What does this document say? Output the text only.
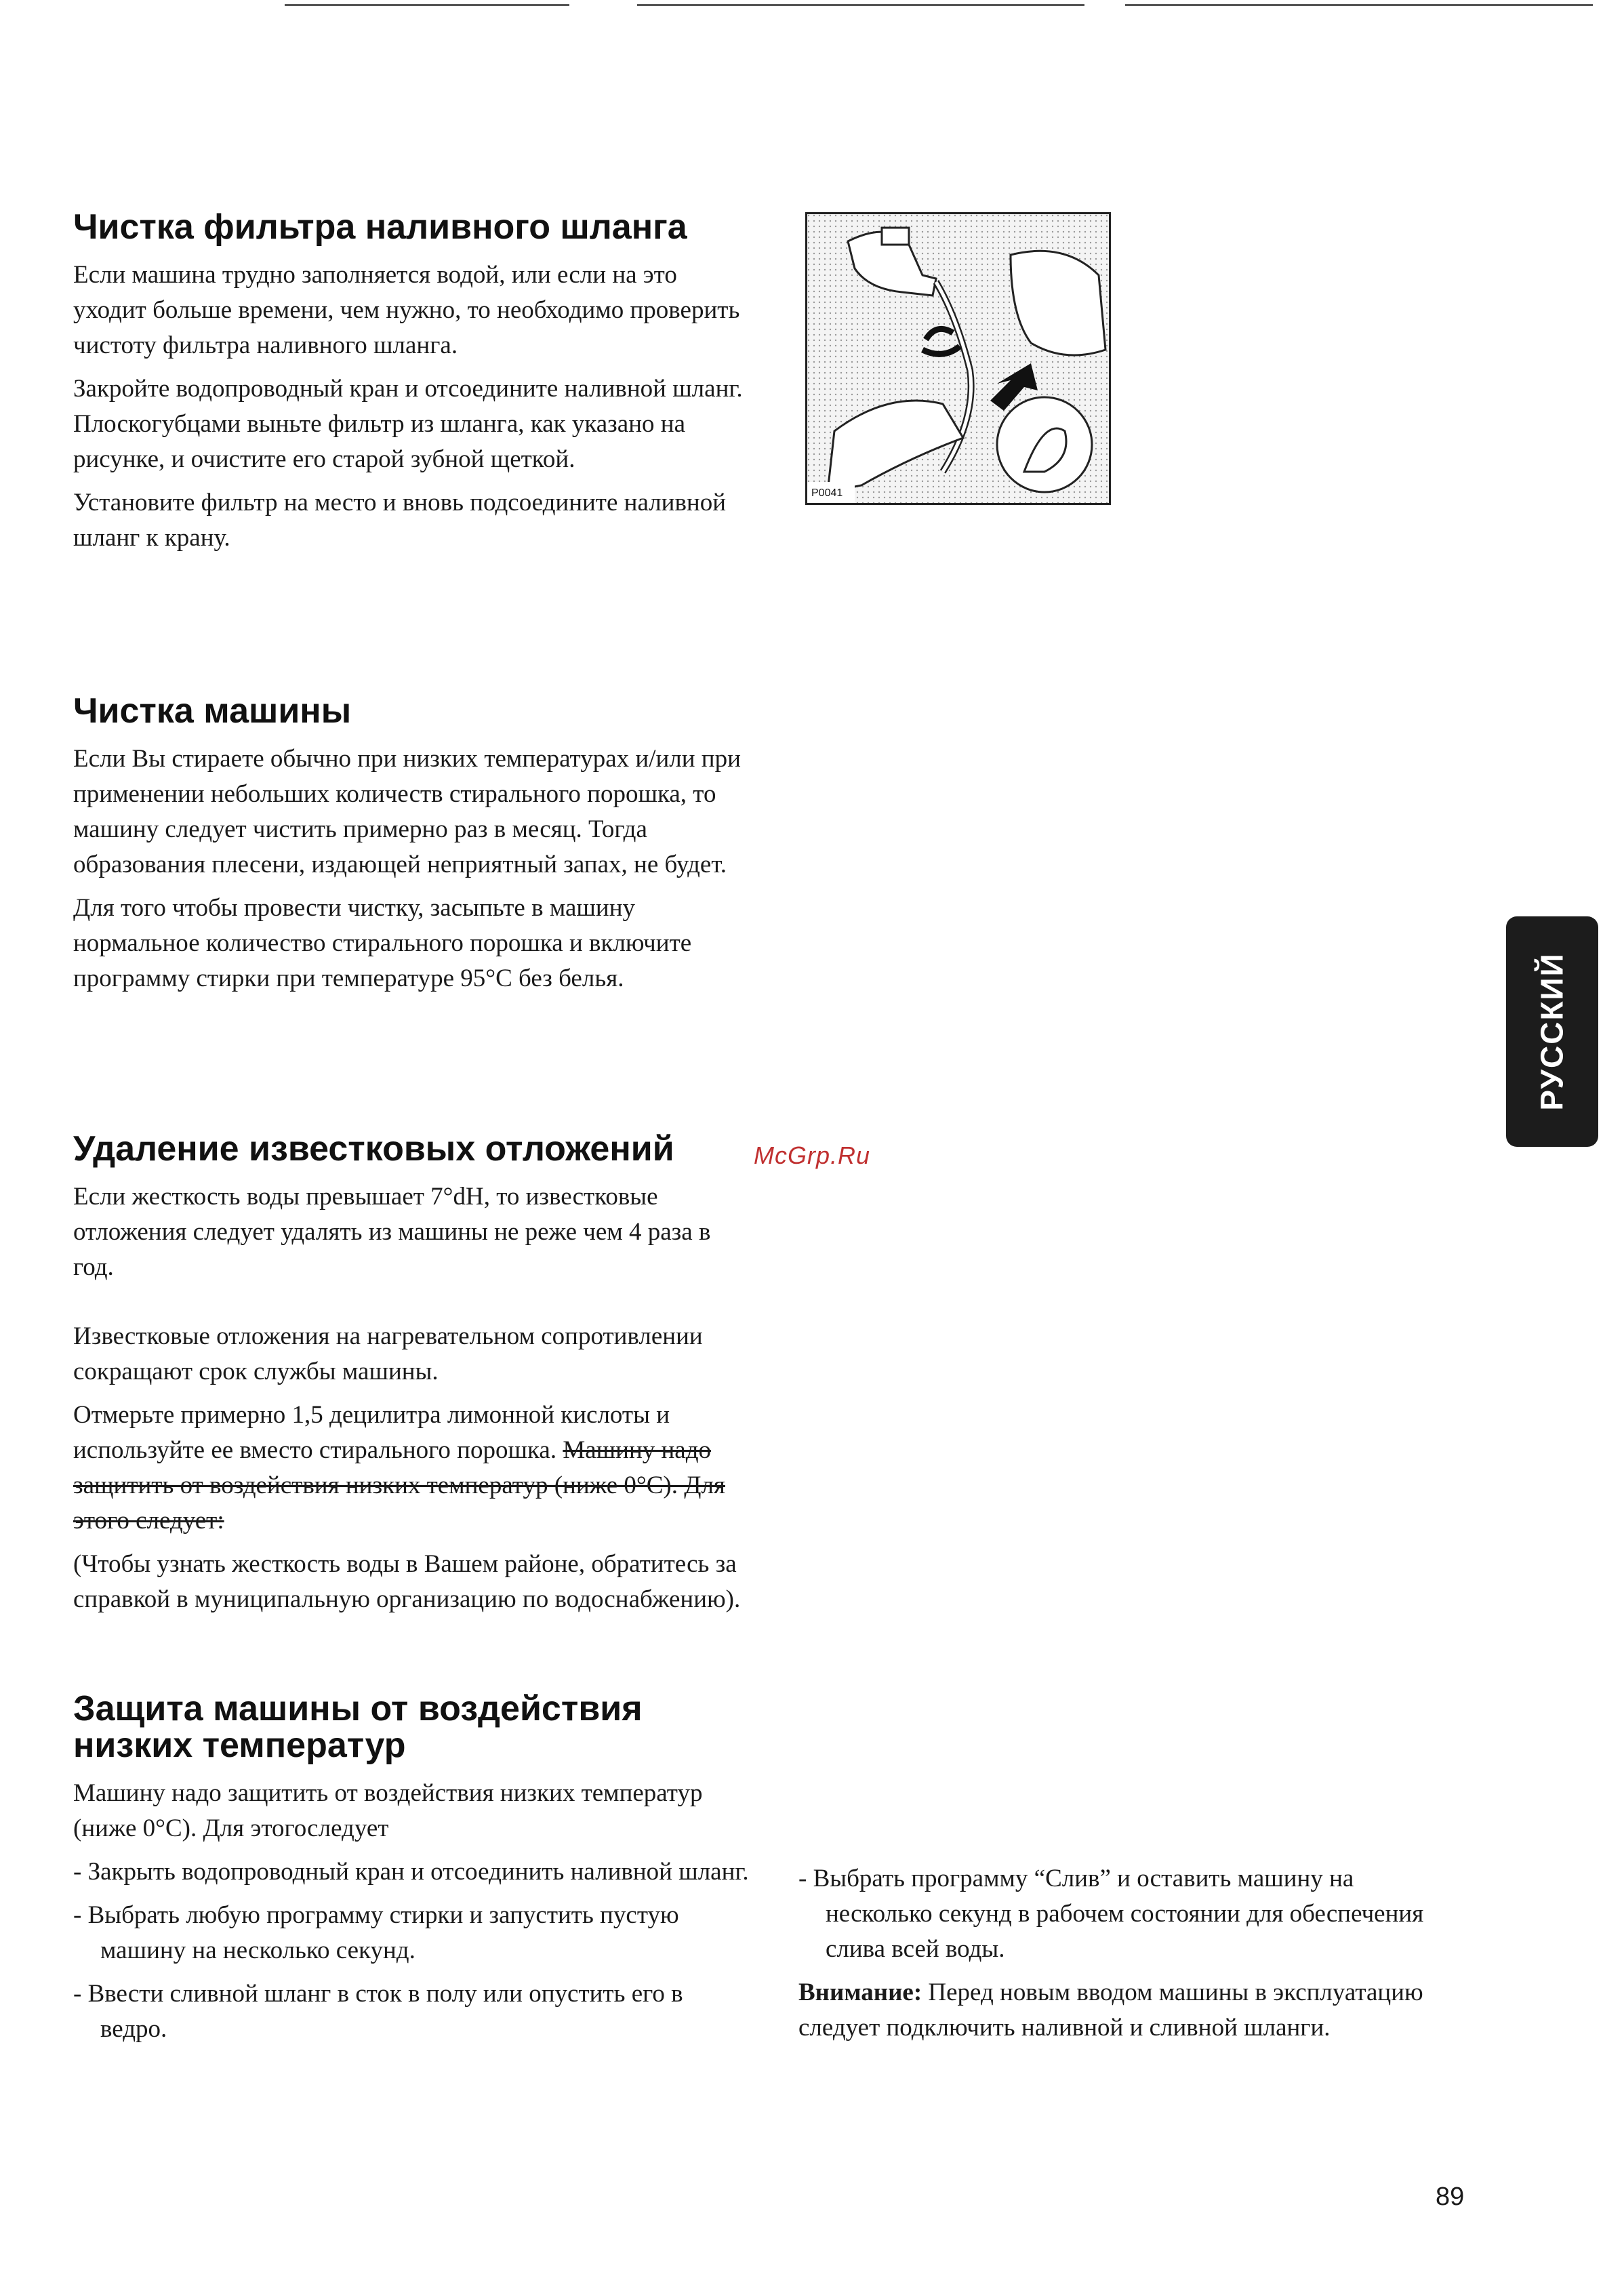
Чистка фильтра наливного шланга

Если машина трудно заполняется водой, или если на это уходит больше времени, чем нужно, то необходимо проверить чистоту фильтра наливного шланга.

Закройте водопроводный кран и отсоедините наливной шланг. Плоскогубцами выньте фильтр из шланга, как указано на рисунке, и очистите его старой зубной щеткой.

Установите фильтр на место и вновь подсоедините наливной шланг к крану.

P0041
Чистка машины

Если Вы стираете обычно при низких температурах и/или при применении небольших количеств стирального порошка, то машину следует чистить примерно раз в месяц. Тогда образования плесени, издающей неприятный запах, не будет.

Для того чтобы провести чистку, засыпьте в машину нормальное количество стирального порошка и включите программу стирки при температуре 95°С без белья.

Удаление известковых отложений

Если жесткость воды превышает 7°dH, то известковые отложения следует удалять из машины не реже чем 4 раза в год.

Известковые отложения на нагревательном сопротивлении сокращают срок службы машины.

Отмерьте примерно 1,5 децилитра лимонной кислоты и используйте ее вместо стирального порошка. Машину надо защитить от воздействия низких температур (ниже 0°С). Для этого следует:

(Чтобы узнать жесткость воды в Вашем районе, обратитесь за справкой в муниципальную организацию по водоснабжению).

McGrp.Ru
Защита машины от воздействия низких температур

Машину надо защитить от воздействия низких температур (ниже 0°С). Для этогоследует

- Закрыть водопроводный кран и отсоединить наливной шланг.

- Выбрать любую программу стирки и запустить пустую машину на несколько секунд.

- Ввести сливной шланг в сток в полу или опустить его в ведро.

- Выбрать программу “Слив” и оставить машину на несколько секунд в рабочем состоянии для обеспечения слива всей воды.

Внимание: Перед новым вводом машины в эксплуатацию следует подключить наливной и сливной шланги.

РУССКИЙ
89
